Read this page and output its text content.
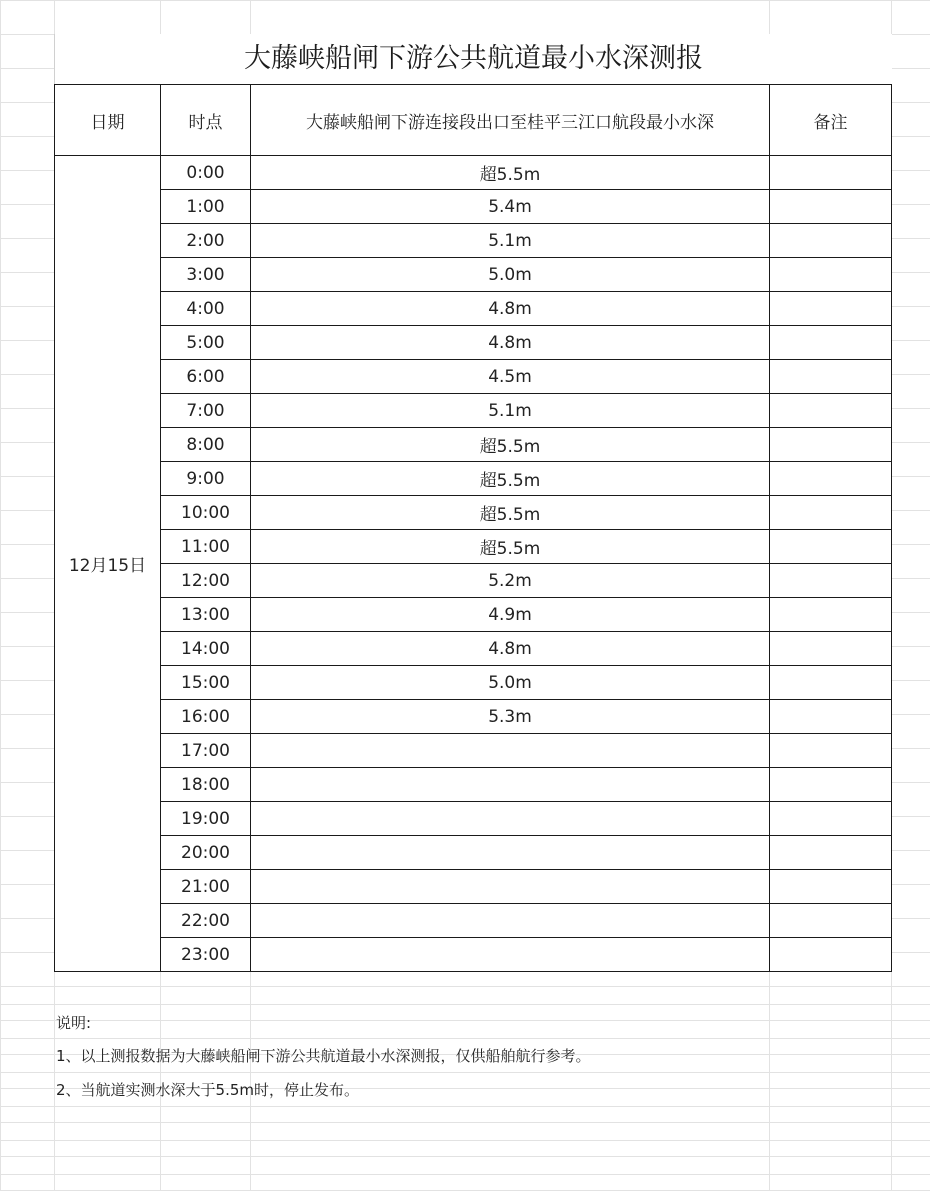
大藤峡船闸下游公共航道最小水深测报
日期	时点	大藤峡船闸下游连接段出口至桂平三江口航段最小水深	备注
12月15日	0:00	超5.5m	
	1:00	5.4m	
	2:00	5.1m	
	3:00	5.0m	
	4:00	4.8m	
	5:00	4.8m	
	6:00	4.5m	
	7:00	5.1m	
	8:00	超5.5m	
	9:00	超5.5m	
	10:00	超5.5m	
	11:00	超5.5m	
	12:00	5.2m	
	13:00	4.9m	
	14:00	4.8m	
	15:00	5.0m	
	16:00	5.3m	
	17:00		
	18:00		
	19:00		
	20:00		
	21:00		
	22:00		
	23:00		
说明:
1、以上测报数据为大藤峡船闸下游公共航道最小水深测报，仅供船舶航行参考。
2、当航道实测水深大于5.5m时，停止发布。
